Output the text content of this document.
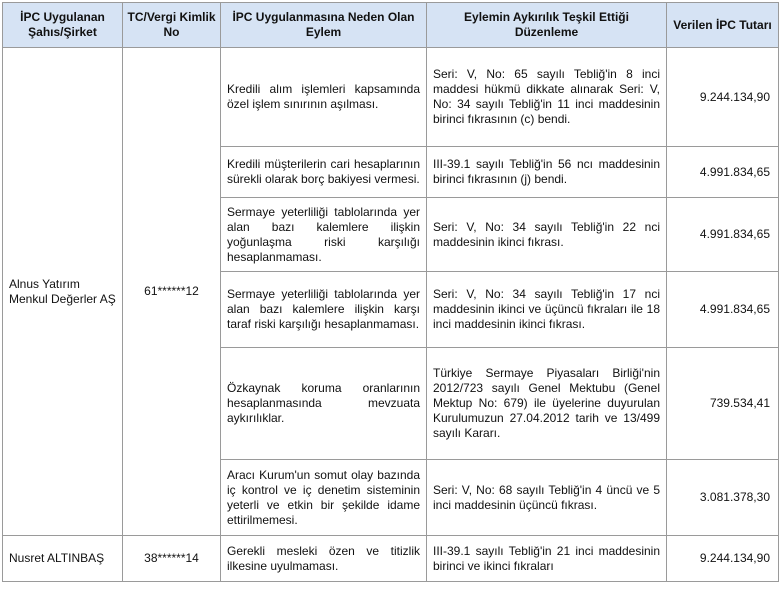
İPC Uygulanan Şahıs/Şirket	TC/Vergi Kimlik No	İPC Uygulanmasına Neden Olan Eylem	Eylemin Aykırılık Teşkil Ettiği Düzenleme	Verilen İPC Tutarı
Alnus Yatırım Menkul Değerler AŞ	61******12	Kredili alım işlemleri kapsamında özel işlem sınırının aşılması.	Seri: V, No: 65 sayılı Tebliğ'in 8 inci maddesi hükmü dikkate alınarak Seri: V, No: 34 sayılı Tebliğ'in 11 inci maddesinin birinci fıkrasının (c) bendi.	9.244.134,90
		Kredili müşterilerin cari hesaplarının sürekli olarak borç bakiyesi vermesi.	III-39.1 sayılı Tebliğ'in 56 ncı maddesinin birinci fıkrasının (j) bendi.	4.991.834,65
		Sermaye yeterliliği tablolarında yer alan bazı kalemlere ilişkin yoğunlaşma riski karşılığı hesaplanmaması.	Seri: V, No: 34 sayılı Tebliğ'in 22 nci maddesinin ikinci fıkrası.	4.991.834,65
		Sermaye yeterliliği tablolarında yer alan bazı kalemlere ilişkin karşı taraf riski karşılığı hesaplanmaması.	Seri: V, No: 34 sayılı Tebliğ'in 17 nci maddesinin ikinci ve üçüncü fıkraları ile 18 inci maddesinin ikinci fıkrası.	4.991.834,65
		Özkaynak koruma oranlarının hesaplanmasında mevzuata aykırılıklar.	Türkiye Sermaye Piyasaları Birliği'nin 2012/723 sayılı Genel Mektubu (Genel Mektup No: 679) ile üyelerine duyurulan Kurulumuzun 27.04.2012 tarih ve 13/499 sayılı Kararı.	739.534,41
		Aracı Kurum'un somut olay bazında iç kontrol ve iç denetim sisteminin yeterli ve etkin bir şekilde idame ettirilmemesi.	Seri: V, No: 68 sayılı Tebliğ'in 4 üncü ve 5 inci maddesinin üçüncü fıkrası.	3.081.378,30
Nusret ALTINBAŞ	38******14	Gerekli mesleki özen ve titizlik ilkesine uyulmaması.	III-39.1 sayılı Tebliğ'in 21 inci maddesinin birinci ve ikinci fıkraları	9.244.134,90
